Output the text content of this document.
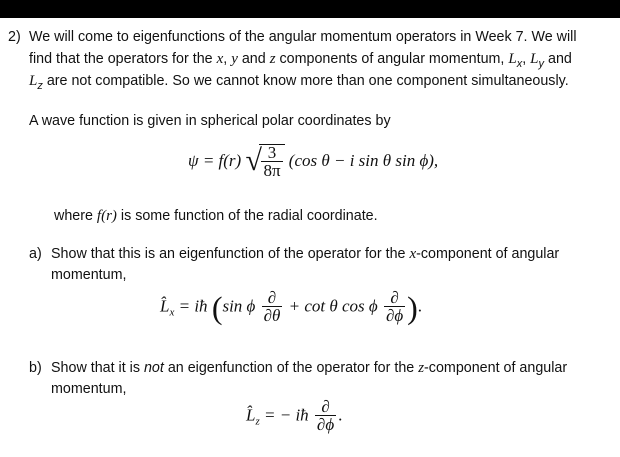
2) We will come to eigenfunctions of the angular momentum operators in Week 7. We will
find that the operators for the x, y and z components of angular momentum, $L_x$, $L_y$ and
$L_z$ are not compatible. So we cannot know more than one component simultaneously.
A wave function is given in spherical polar coordinates by
ψ = f(r) √ $\frac{3}{8\pi} (\cos$ θ − i sin θ sin ϕ),
where f(r) is some function of the radial coordinate.
a) Show that this is an eigenfunction of the operator for the x-component of angular
momentum,
$L̂_x$ = iħ (sin ϕ $\frac{\partial}{\partial\theta} + \cot \theta$ cos ϕ $\frac{\partial}{\partial\phi}$ ).
b) Show that it is not an eigenfunction of the operator for the z-component of angular
momentum,
$L̂_z$ = − iħ $\frac{\partial}{\partial\phi}$ .
